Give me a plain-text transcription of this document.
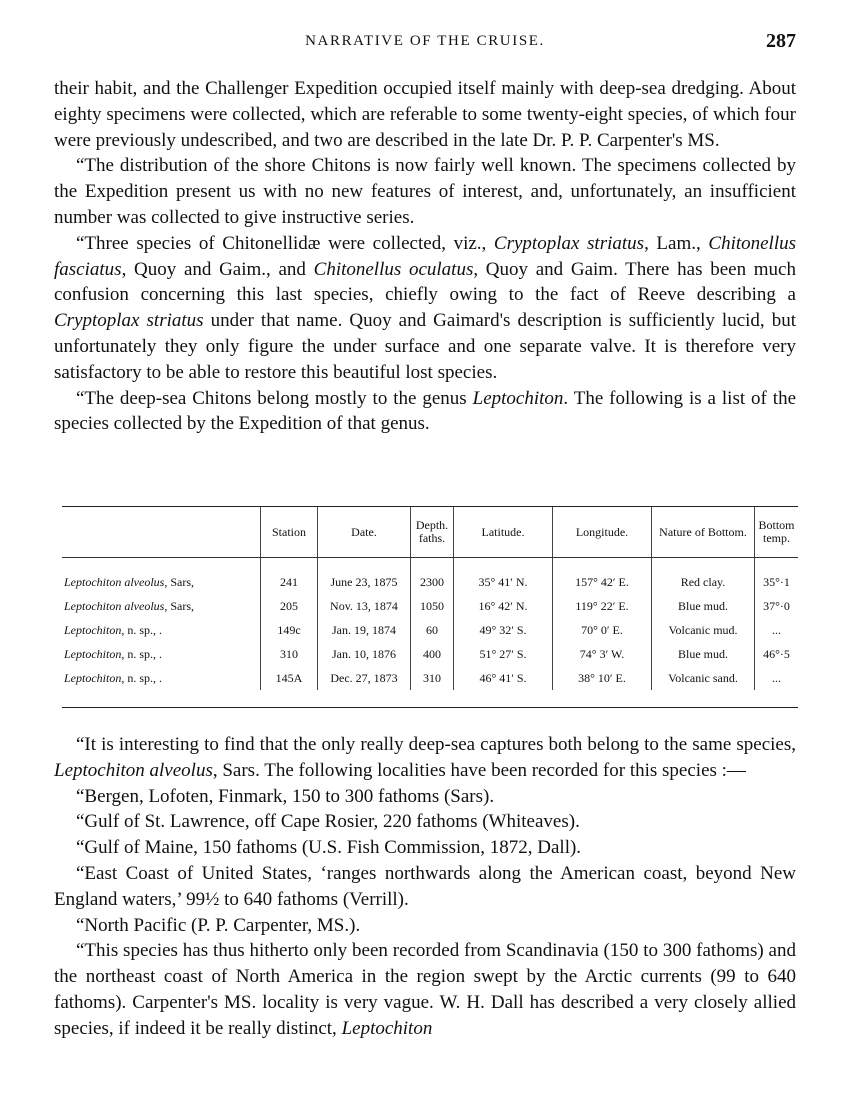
NARRATIVE OF THE CRUISE.	287

their habit, and the Challenger Expedition occupied itself mainly with deep-sea dredging. About eighty specimens were collected, which are referable to some twenty-eight species, of which four were previously undescribed, and two are described in the late Dr. P. P. Carpenter's MS.

“The distribution of the shore Chitons is now fairly well known. The specimens collected by the Expedition present us with no new features of interest, and, unfortunately, an insufficient number was collected to give instructive series.

“Three species of Chitonellidæ were collected, viz., Cryptoplax striatus, Lam., Chitonellus fasciatus, Quoy and Gaim., and Chitonellus oculatus, Quoy and Gaim. There has been much confusion concerning this last species, chiefly owing to the fact of Reeve describing a Cryptoplax striatus under that name. Quoy and Gaimard's description is sufficiently lucid, but unfortunately they only figure the under surface and one separate valve. It is therefore very satisfactory to be able to restore this beautiful lost species.

“The deep-sea Chitons belong mostly to the genus Leptochiton. The following is a list of the species collected by the Expedition of that genus.

	Station	Date.	Depth. faths.	Latitude.	Longitude.	Nature of Bottom.	Bottom temp.
Leptochiton alveolus, Sars,	241	June 23, 1875	2300	35° 41′ N.	157° 42′ E.	Red clay.	35°·1
Leptochiton alveolus, Sars,	205	Nov. 13, 1874	1050	16° 42′ N.	119° 22′ E.	Blue mud.	37°·0
Leptochiton, n. sp., .	149c	Jan. 19, 1874	60	49° 32′ S.	70° 0′ E.	Volcanic mud.	...
Leptochiton, n. sp., .	310	Jan. 10, 1876	400	51° 27′ S.	74° 3′ W.	Blue mud.	46°·5
Leptochiton, n. sp., .	145A	Dec. 27, 1873	310	46° 41′ S.	38° 10′ E.	Volcanic sand.	...

“It is interesting to find that the only really deep-sea captures both belong to the same species, Leptochiton alveolus, Sars. The following localities have been recorded for this species :—

“Bergen, Lofoten, Finmark, 150 to 300 fathoms (Sars).

“Gulf of St. Lawrence, off Cape Rosier, 220 fathoms (Whiteaves).

“Gulf of Maine, 150 fathoms (U.S. Fish Commission, 1872, Dall).

“East Coast of United States, ‘ranges northwards along the American coast, beyond New England waters,’ 99½ to 640 fathoms (Verrill).

“North Pacific (P. P. Carpenter, MS.).

“This species has thus hitherto only been recorded from Scandinavia (150 to 300 fathoms) and the northeast coast of North America in the region swept by the Arctic currents (99 to 640 fathoms). Carpenter's MS. locality is very vague. W. H. Dall has described a very closely allied species, if indeed it be really distinct, Leptochiton
